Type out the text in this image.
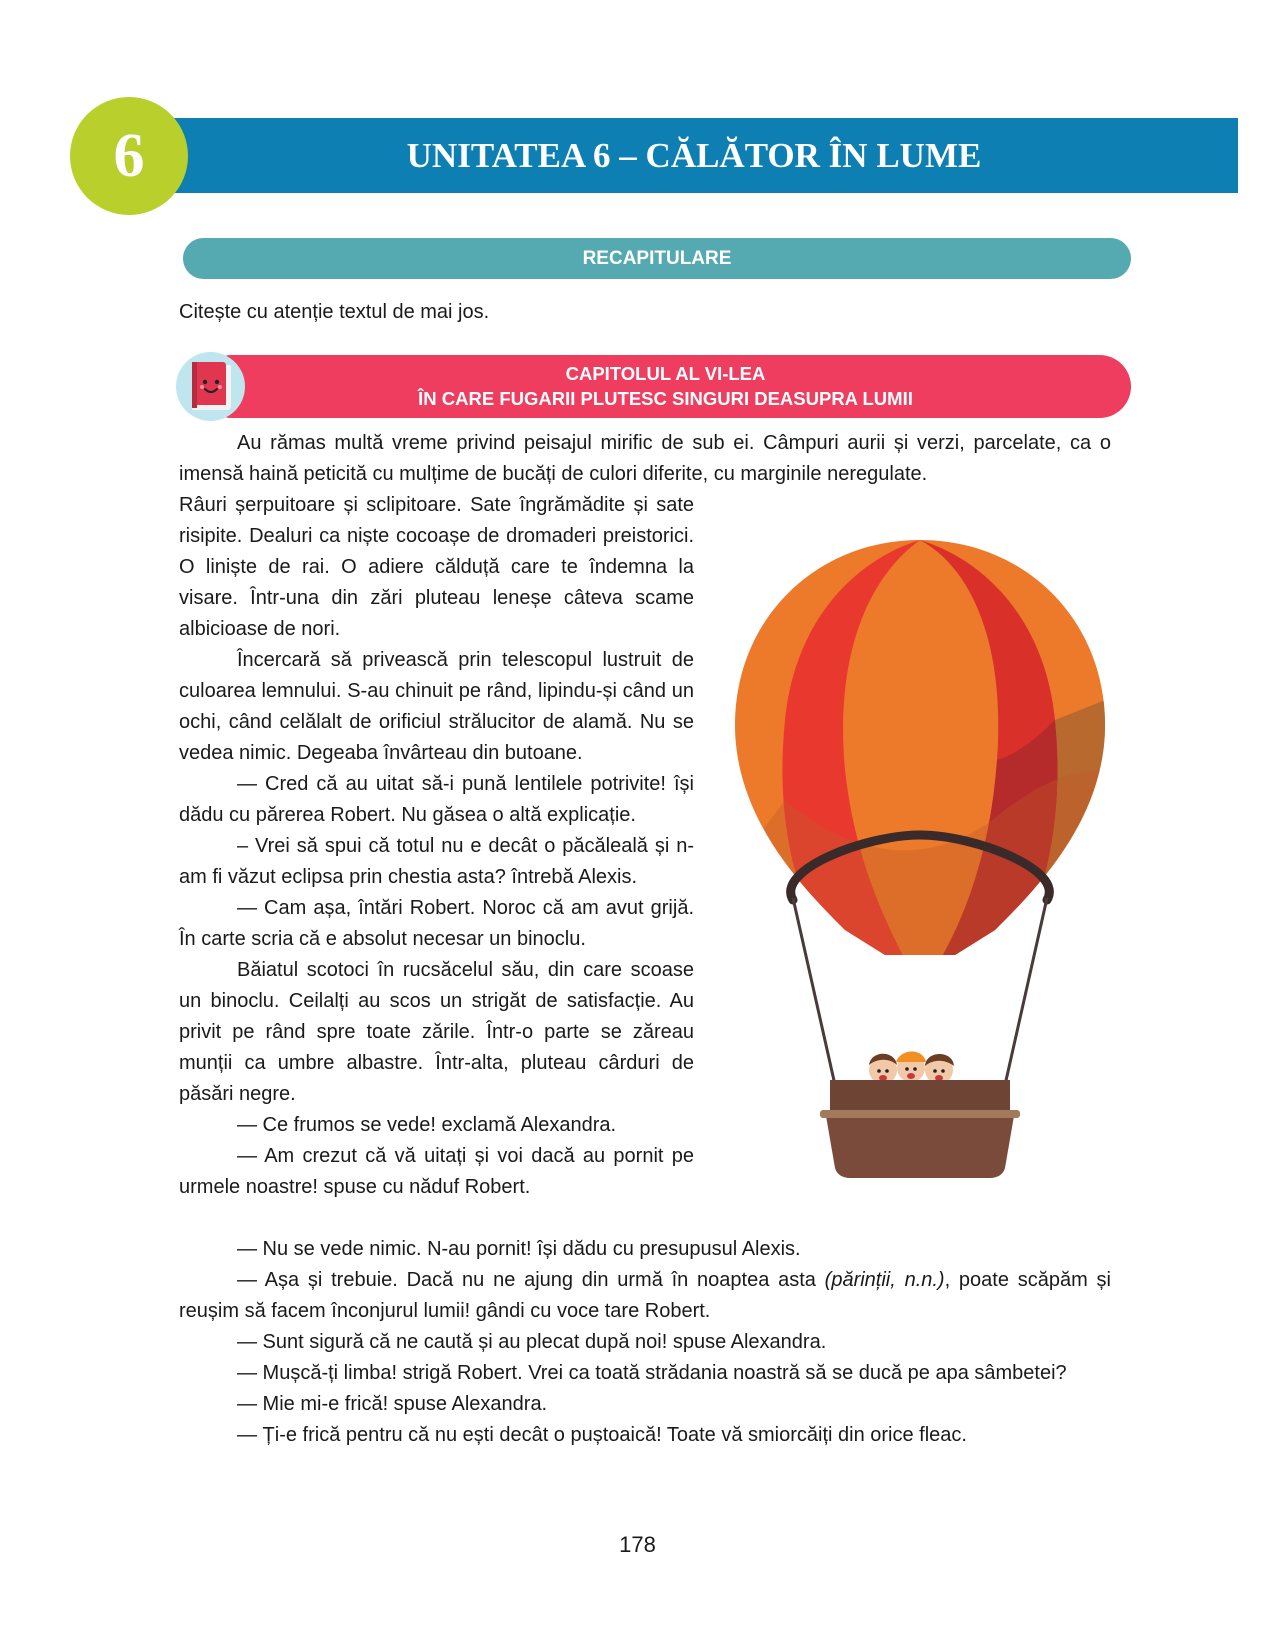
UNITATEA 6 – CĂLĂTOR ÎN LUME
6
RECAPITULARE
Citește cu atenție textul de mai jos.
CAPITOLUL AL VI-LEA
ÎN CARE FUGARII PLUTESC SINGURI DEASUPRA LUMII

Au rămas multă vreme privind peisajul mirific de sub ei. Câmpuri aurii și verzi, parcelate, ca o imensă haină peticită cu mulțime de bucăți de culori diferite, cu marginile neregulate.

Râuri șerpuitoare și sclipitoare. Sate îngrămădite și sate risipite. Dealuri ca niște cocoașe de dromaderi preistorici. O liniște de rai. O adiere călduță care te îndemna la visare. Într-una din zări pluteau leneșe câteva scame albicioase de nori.

Încercară să privească prin telescopul lustruit de culoarea lemnului. S-au chinuit pe rând, lipindu-și când un ochi, când celălalt de orificiul strălucitor de alamă. Nu se vedea nimic. Degeaba învârteau din butoane.

— Cred că au uitat să-i pună lentilele potrivite! își dădu cu părerea Robert. Nu găsea o altă explicație.

– Vrei să spui că totul nu e decât o păcăleală și n-am fi văzut eclipsa prin chestia asta? întrebă Alexis.

— Cam așa, întări Robert. Noroc că am avut grijă. În carte scria că e absolut necesar un binoclu.

Băiatul scotoci în rucsăcelul său, din care scoase un binoclu. Ceilalți au scos un strigăt de satisfacție. Au privit pe rând spre toate zările. Într-o parte se zăreau munții ca umbre albastre. Într-alta, pluteau cârduri de păsări negre.

— Ce frumos se vede! exclamă Alexandra.

— Am crezut că vă uitați și voi dacă au pornit pe urmele noastre! spuse cu năduf Robert.

— Nu se vede nimic. N-au pornit! își dădu cu presupusul Alexis.

— Așa și trebuie. Dacă nu ne ajung din urmă în noaptea asta (părinții, n.n.), poate scăpăm și reușim să facem înconjurul lumii! gândi cu voce tare Robert.

— Sunt sigură că ne caută și au plecat după noi! spuse Alexandra.

— Mușcă-ți limba! strigă Robert. Vrei ca toată strădania noastră să se ducă pe apa sâmbetei?

— Mie mi-e frică! spuse Alexandra.

— Ți-e frică pentru că nu ești decât o puștoaică! Toate vă smiorcăiți din orice fleac.

178
